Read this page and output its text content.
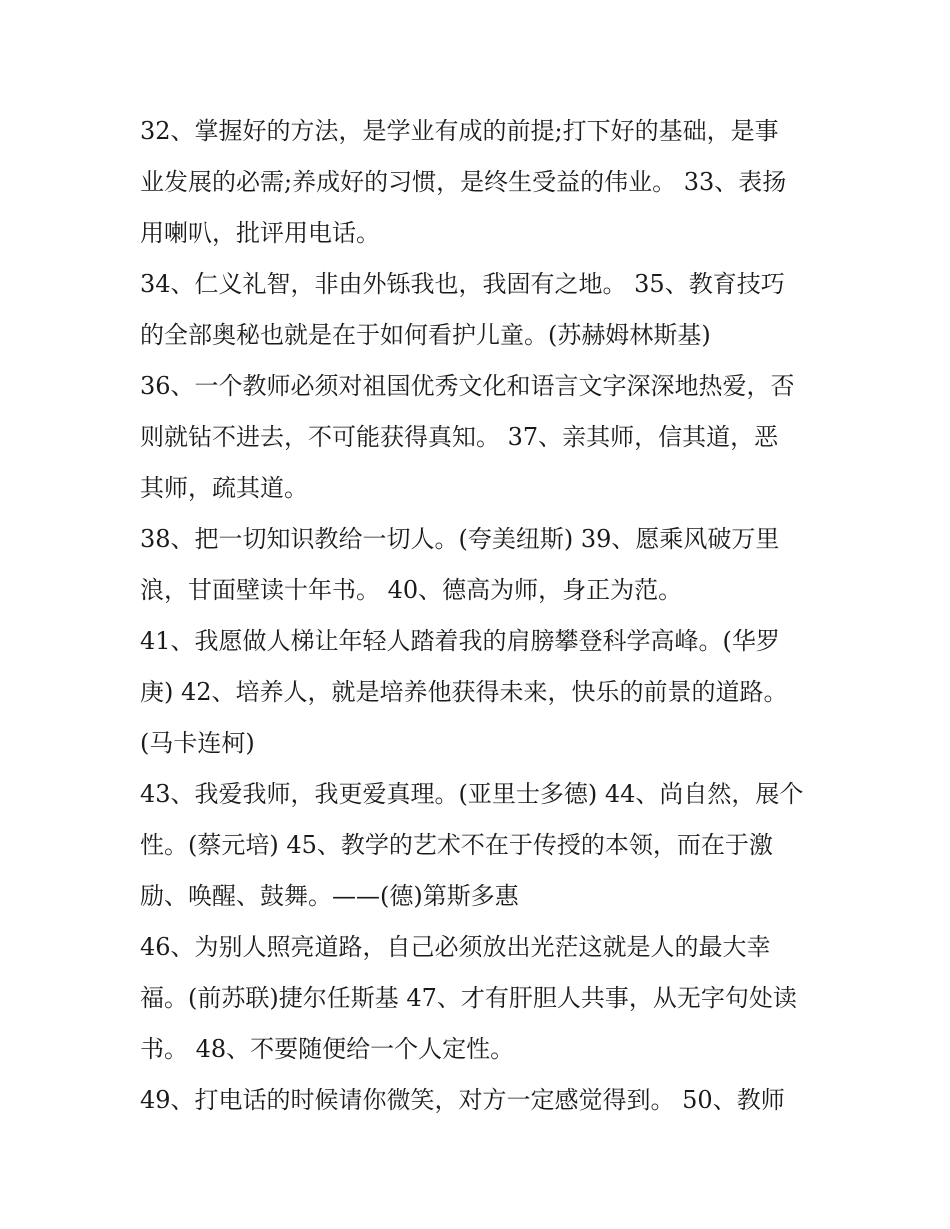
32、掌握好的方法，是学业有成的前提;打下好的基础，是事
业发展的必需;养成好的习惯，是终生受益的伟业。 33、表扬
用喇叭，批评用电话。
34、仁义礼智，非由外铄我也，我固有之地。 35、教育技巧
的全部奥秘也就是在于如何看护儿童。(苏赫姆林斯基)
36、一个教师必须对祖国优秀文化和语言文字深深地热爱，否
则就钻不进去，不可能获得真知。 37、亲其师，信其道，恶
其师，疏其道。
38、把一切知识教给一切人。(夸美纽斯) 39、愿乘风破万里
浪，甘面壁读十年书。 40、德高为师，身正为范。
41、我愿做人梯让年轻人踏着我的肩膀攀登科学高峰。(华罗
庚) 42、培养人，就是培养他获得未来，快乐的前景的道路。
(马卡连柯)
43、我爱我师，我更爱真理。(亚里士多德) 44、尚自然，展个
性。(蔡元培) 45、教学的艺术不在于传授的本领，而在于激
励、唤醒、鼓舞。——(德)第斯多惠
46、为别人照亮道路，自己必须放出光茫这就是人的最大幸
福。(前苏联)捷尔任斯基 47、才有肝胆人共事，从无字句处读
书。 48、不要随便给一个人定性。
49、打电话的时候请你微笑，对方一定感觉得到。 50、教师
